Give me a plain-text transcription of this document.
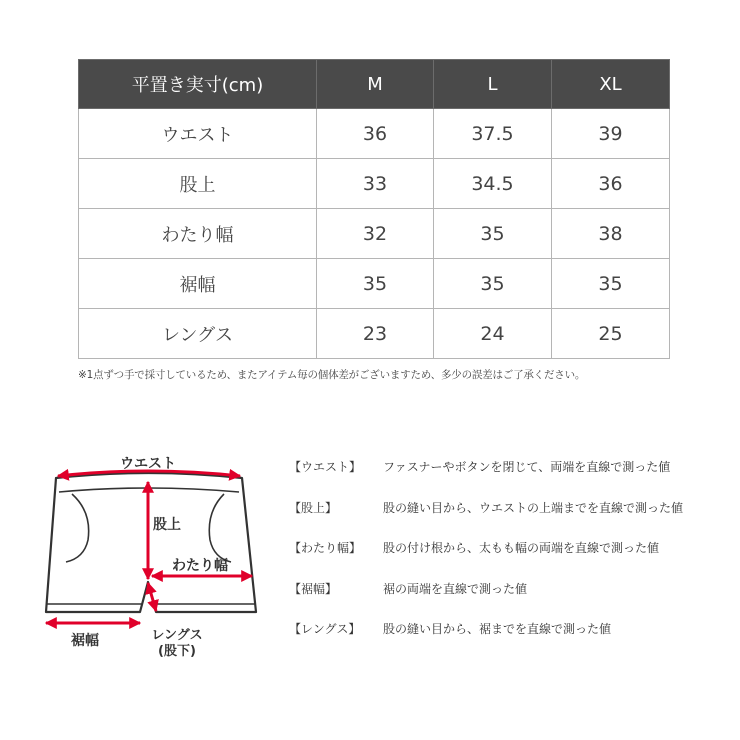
平置き実寸(cm)	M	L	XL
ウエスト	36	37.5	39
股上	33	34.5	36
わたり幅	32	35	38
裾幅	35	35	35
レングス	23	24	25
※1点ずつ手で採寸しているため、またアイテム毎の個体差がございますため、多少の誤差はご了承ください。
ウエスト
股上
わたり幅
裾幅	レングス
(股下)
【ウエスト】 ファスナーやボタンを閉じて、両端を直線で測った値
【股上】	股の縫い目から、ウエストの上端までを直線で測った値
【わたり幅】 股の付け根から、太もも幅の両端を直線で測った値
【裾幅】	裾の両端を直線で測った値
【レングス】 股の縫い目から、裾までを直線で測った値
